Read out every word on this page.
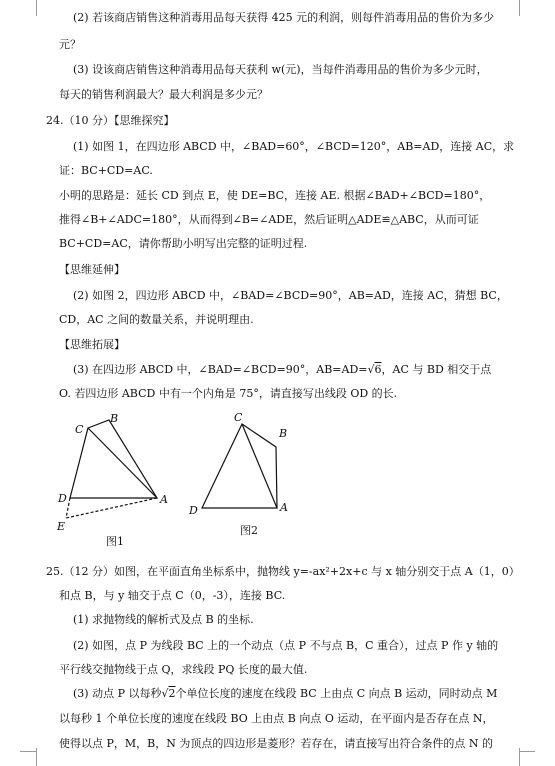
(2) 若该商店销售这种消毒用品每天获得 425 元的利润，则每件消毒用品的售价为多少
元？
(3) 设该商店销售这种消毒用品每天获利 w(元)，当每件消毒用品的售价为多少元时，
每天的销售利润最大？最大利润是多少元？
24.（10 分）【思维探究】
(1) 如图 1，在四边形 ABCD 中，∠BAD=60°，∠BCD=120°，AB=AD，连接 AC，求
证：BC+CD=AC.
小明的思路是：延长 CD 到点 E，使 DE=BC，连接 AE. 根据∠BAD+∠BCD=180°，
推得∠B+∠ADC=180°，从而得到∠B=∠ADE，然后证明△ADE≌△ABC，从而可证
BC+CD=AC，请你帮助小明写出完整的证明过程.
【思维延伸】
(2) 如图 2，四边形 ABCD 中，∠BAD=∠BCD=90°，AB=AD，连接 AC，猜想 BC，
CD，AC 之间的数量关系，并说明理由.
【思维拓展】
(3) 在四边形 ABCD 中，∠BAD=∠BCD=90°，AB=AD=√6，AC 与 BD 相交于点
O. 若四边形 ABCD 中有一个内角是 75°，请直接写出线段 OD 的长.
C
B
D	A
E
图1
C
B
D	A
图2
25.（12 分）如图，在平面直角坐标系中，抛物线 y=-ax²+2x+c 与 x 轴分别交于点 A（1，0）
和点 B，与 y 轴交于点 C（0，-3），连接 BC.
(1) 求抛物线的解析式及点 B 的坐标.
(2) 如图，点 P 为线段 BC 上的一个动点（点 P 不与点 B，C 重合），过点 P 作 y 轴的
平行线交抛物线于点 Q，求线段 PQ 长度的最大值.
(3) 动点 P 以每秒√2个单位长度的速度在线段 BC 上由点 C 向点 B 运动，同时动点 M
以每秒 1 个单位长度的速度在线段 BO 上由点 B 向点 O 运动，在平面内是否存在点 N，
使得以点 P，M，B，N 为顶点的四边形是菱形？若存在，请直接写出符合条件的点 N 的
